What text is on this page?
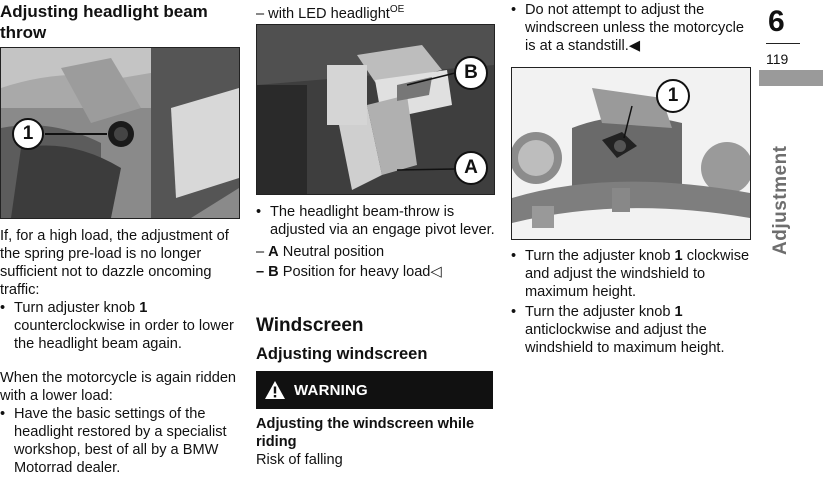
Adjusting headlight beam throw
1

If, for a high load, the adjustment of the spring pre-load is no longer sufficient not to dazzle oncoming traffic:

• Turn adjuster knob 1 counterclockwise in order to lower the headlight beam again.

When the motorcycle is again ridden with a lower load:

• Have the basic settings of the headlight restored by a specialist workshop, best of all by a BMW Motorrad dealer.

– with LED headlight$^{OE}$
B
A

• The headlight beam-throw is adjusted via an engage pivot lever.

– A Neutral position

– B Position for heavy load◁

Windscreen
Adjusting windscreen
WARNING

Adjusting the windscreen while riding

Risk of falling

• Do not attempt to adjust the windscreen unless the motorcycle is at a standstill.◀

1

• Turn the adjuster knob 1 clockwise and adjust the windshield to maximum height.

• Turn the adjuster knob 1 anticlockwise and adjust the windshield to maximum height.

6
119
Adjustment
